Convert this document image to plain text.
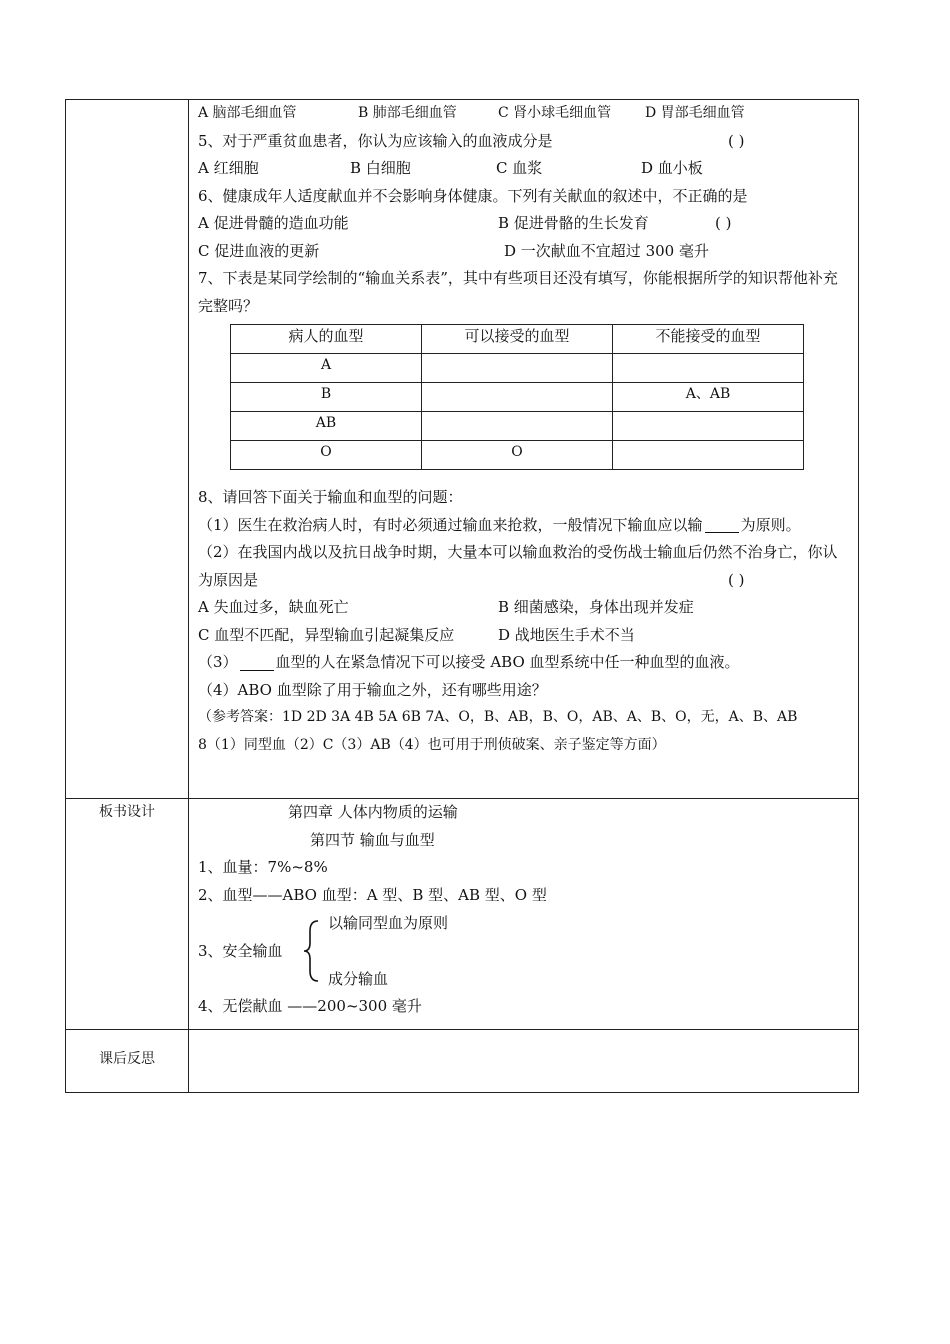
A 脑部毛细血管	B 肺部毛细血管	C 肾小球毛细血管 D 胃部毛细血管
5、对于严重贫血患者，你认为应该输入的血液成分是	( )
A 红细胞	B 白细胞	C 血浆	D 血小板
6、健康成年人适度献血并不会影响身体健康。下列有关献血的叙述中，不正确的是
A 促进骨髓的造血功能	B 促进骨骼的生长发育	( )
C 促进血液的更新	D 一次献血不宜超过 300 毫升
7、下表是某同学绘制的“输血关系表”，其中有些项目还没有填写，你能根据所学的知识帮他补充完整吗？
病人的血型	可以接受的血型	不能接受的血型
A		
B		A、AB
AB		
O	O	
8、请回答下面关于输血和血型的问题：
（1）医生在救治病人时，有时必须通过输血来抢救，一般情况下输血应以输	为原则。
（2）在我国内战以及抗日战争时期，大量本可以输血救治的受伤战士输血后仍然不治身亡，你认为原因是	( )
A 失血过多，缺血死亡	B 细菌感染，身体出现并发症
C 血型不匹配，异型输血引起凝集反应	D 战地医生手术不当
（3）	血型的人在紧急情况下可以接受 ABO 血型系统中任一种血型的血液。
（4）ABO 血型除了用于输血之外，还有哪些用途？
（参考答案：1D 2D 3A 4B 5A 6B 7A、O，B、AB，B、O，AB、A、B、O，无，A、B、AB
8（1）同型血（2）C（3）AB（4）也可用于刑侦破案、亲子鉴定等方面）

板书设计	第四章 人体内物质的运输
第四节 输血与血型
1、血量：7%~8%
2、血型——ABO 血型：A 型、B 型、AB 型、O 型
3、安全输血
以输同型血为原则
成分输血
4、无偿献血 ——200~300 毫升

课后反思
